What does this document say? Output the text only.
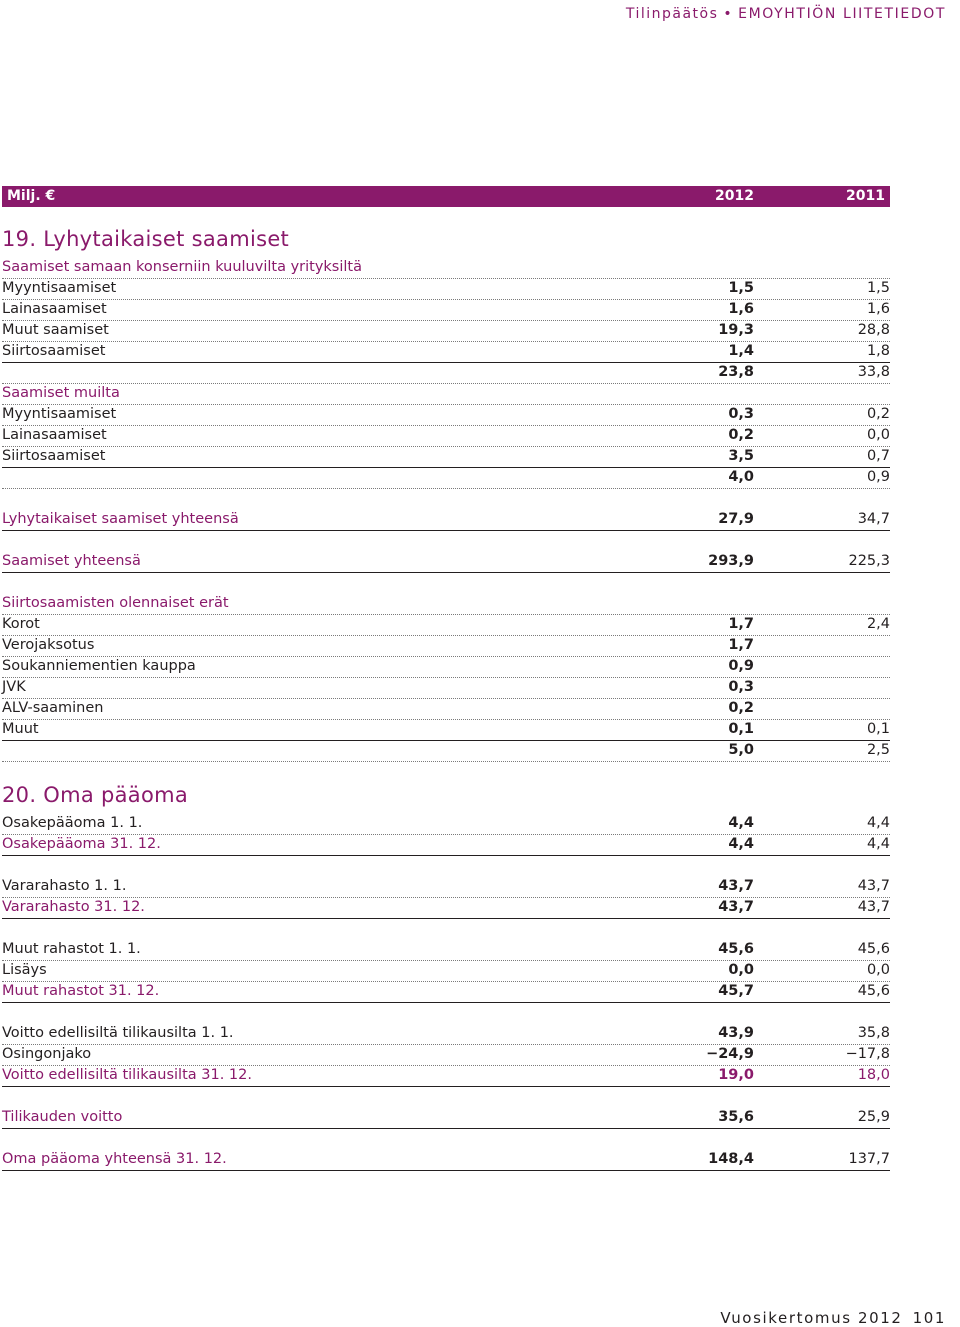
Tilinpäätös • EMOYHTIÖN LIITETIEDOT
Milj. €	2012	2011
19. Lyhytaikaiset saamiset
Saamiset samaan konserniin kuuluvilta yrityksiltä
Myyntisaamiset	1,5	1,5
Lainasaamiset	1,6	1,6
Muut saamiset	19,3	28,8
Siirtosaamiset	1,4	1,8
23,8	33,8
Saamiset muilta
Myyntisaamiset	0,3	0,2
Lainasaamiset	0,2	0,0
Siirtosaamiset	3,5	0,7
4,0	0,9
Lyhytaikaiset saamiset yhteensä	27,9	34,7
Saamiset yhteensä	293,9	225,3
Siirtosaamisten olennaiset erät
Korot	1,7	2,4
Verojaksotus	1,7
Soukanniementien kauppa	0,9
JVK	0,3
ALV-saaminen	0,2
Muut	0,1	0,1
5,0	2,5
20. Oma pääoma
Osakepääoma 1. 1.	4,4	4,4
Osakepääoma 31. 12.	4,4	4,4
Vararahasto 1. 1.	43,7	43,7
Vararahasto 31. 12.	43,7	43,7
Muut rahastot 1. 1.	45,6	45,6
Lisäys	0,0	0,0
Muut rahastot 31. 12.	45,7	45,6
Voitto edellisiltä tilikausilta 1. 1.	43,9	35,8
Osingonjako	−24,9	−17,8
Voitto edellisiltä tilikausilta 31. 12.	19,0	18,0
Tilikauden voitto	35,6	25,9
Oma pääoma yhteensä 31. 12.	148,4	137,7
Vuosikertomus 2012 101
